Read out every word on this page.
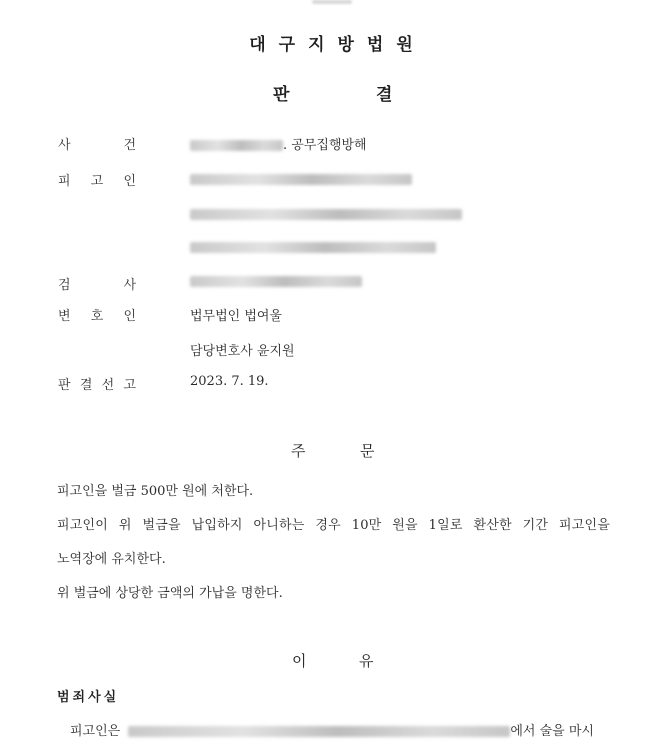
대구지방법원
판	결
사	건	. 공무집행방해
피 고 인
검	사
변 호 인	법무법인 법여울
담당변호사 윤지원
판 결 선 고	2023. 7. 19.
주	문
피고인을 벌금 500만 원에 처한다.
피고인이 위 벌금을 납입하지 아니하는 경우 10만 원을 1일로 환산한 기간 피고인을
노역장에 유치한다.
위 벌금에 상당한 금액의 가납을 명한다.
이	유
범죄사실
피고인은	에서 술을 마시
